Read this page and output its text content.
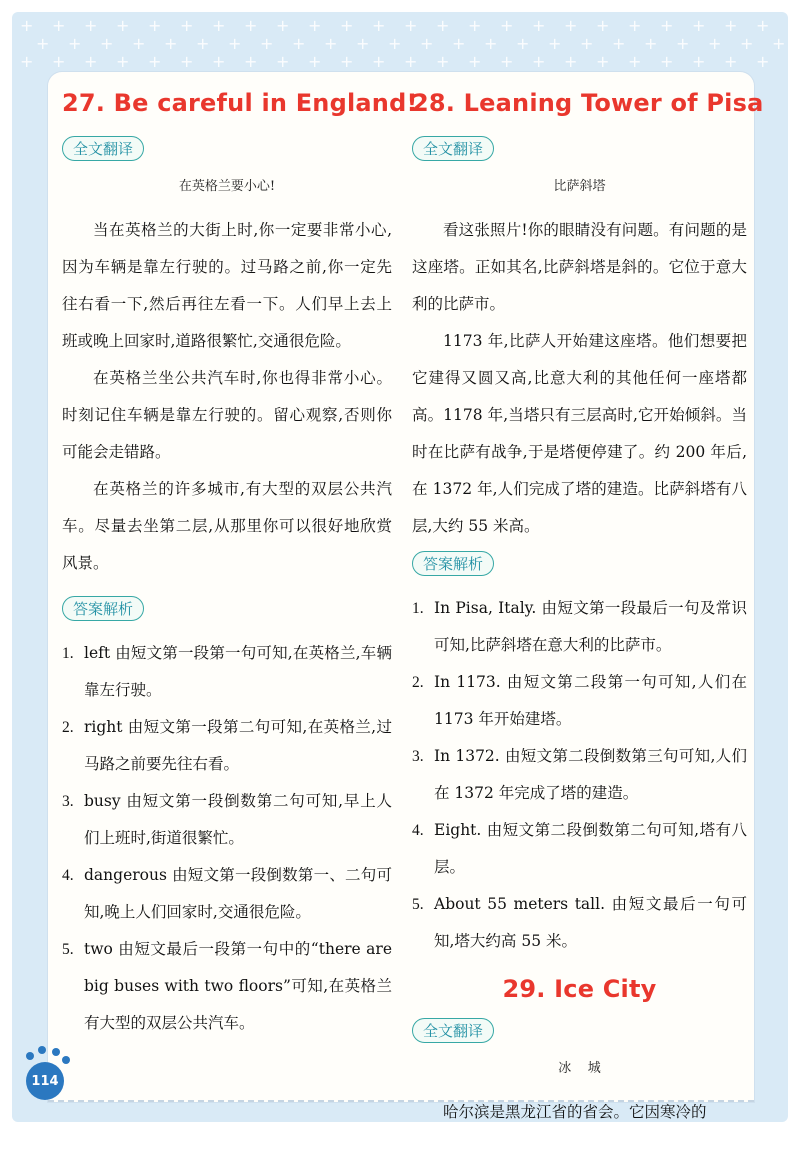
+ + + + + + + + + + + + + + + + + + + + + + + +
+ + + + + + + + + + + + + + + + + + + + + + + +
+ + + + + + + + + + + + + + + + + + + + + + + +
27. Be careful in England!
全文翻译
在英格兰要小心!

当在英格兰的大街上时,你一定要非常小心,因为车辆是靠左行驶的。过马路之前,你一定先往右看一下,然后再往左看一下。人们早上去上班或晚上回家时,道路很繁忙,交通很危险。

在英格兰坐公共汽车时,你也得非常小心。时刻记住车辆是靠左行驶的。留心观察,否则你可能会走错路。

在英格兰的许多城市,有大型的双层公共汽车。尽量去坐第二层,从那里你可以很好地欣赏风景。

答案解析
1. left 由短文第一段第一句可知,在英格兰,车辆靠左行驶。
2. right 由短文第一段第二句可知,在英格兰,过马路之前要先往右看。
3. busy 由短文第一段倒数第二句可知,早上人们上班时,街道很繁忙。
4. dangerous 由短文第一段倒数第一、二句可知,晚上人们回家时,交通很危险。
5. two 由短文最后一段第一句中的“there are big buses with two floors”可知,在英格兰有大型的双层公共汽车。
28. Leaning Tower of Pisa
全文翻译
比萨斜塔

看这张照片!你的眼睛没有问题。有问题的是这座塔。正如其名,比萨斜塔是斜的。它位于意大利的比萨市。

1173 年,比萨人开始建这座塔。他们想要把它建得又圆又高,比意大利的其他任何一座塔都高。1178 年,当塔只有三层高时,它开始倾斜。当时在比萨有战争,于是塔便停建了。约 200 年后,在 1372 年,人们完成了塔的建造。比萨斜塔有八层,大约 55 米高。

答案解析
1. In Pisa, Italy. 由短文第一段最后一句及常识可知,比萨斜塔在意大利的比萨市。
2. In 1173. 由短文第二段第一句可知,人们在 1173 年开始建塔。
3. In 1372. 由短文第二段倒数第三句可知,人们在 1372 年完成了塔的建造。
4. Eight. 由短文第二段倒数第二句可知,塔有八层。
5. About 55 meters tall. 由短文最后一句可知,塔大约高 55 米。
29. Ice City
全文翻译
冰    城

哈尔滨是黑龙江省的省会。它因寒冷的

114
